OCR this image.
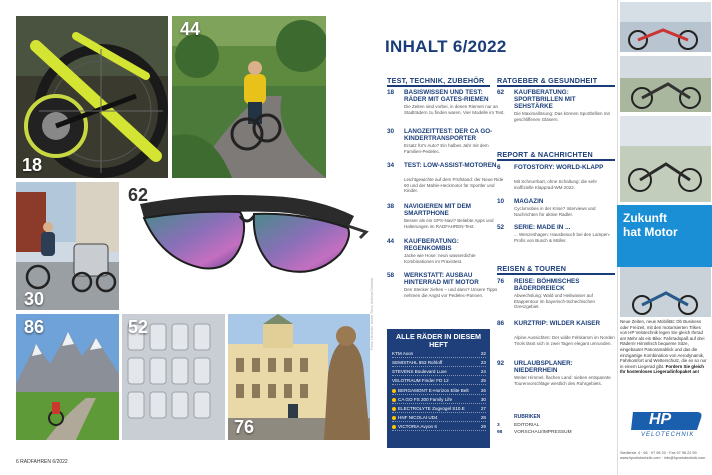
18
44
30
62
86	52
76
Fotos: Hersteller, Adobe Stock, Andreas Dobslaw
INHALT 6/2022
TEST, TECHNIK, ZUBEHÖR
18 BASISWISSEN UND TEST: RÄDER MIT GATES-RIEMEN
Die Zeiten sind vorbei, in denen Riemen nur an Stadträdern zu finden waren. Vier Modelle im Test.
30 LANGZEITTEST: DER CA GO-KINDERTRANSPORTER
Ersatz für's Auto? Ein halbes Jahr mit dem Familien-Pedelec.
34 TEST: LOW-ASSIST-MOTOREN
Leichtgewichte auf dem Prüfstand: der Neue Ride 60 und der Mahle-Heckmotor für Sportler und Kinder.
38 NAVIGIEREN MIT DEM SMARTPHONE
Besser als ein GPS-Navi? Beliebte Apps und Halterungen im RADFAHREN-Test.
44 KAUFBERATUNG: REGENKOMBIS
Jacke wie Hose: neun wasserdichte Kombinationen im Praxistest.
58 WERKSTATT: AUSBAU HINTERRAD MIT MOTOR
Den Stecker ziehen – und dann? Unsere Tipps nehmen die Angst vor Pedelec-Pannen.
ALLE RÄDER IN DIESEM HEFT
KTM Axon	22
SEMISTAHL 853 Rohloff	23
STEVENS Boulevard Luxe	24
VELOTRAUM Finder FD 12	25
BERGAMONT E-Horizon Elite Belt	26
CA GO FS 200 Family Life	30
ELECTROLYTE Zugvogel S10.E	27
HNF NICOLAI UD4	28
VICTORIA Avyon 6	29
RATGEBER & GESUNDHEIT
62 KAUFBERATUNG: SPORTBRILLEN MIT SEHSTÄRKE
Die Maximallösung: Das können Sportbrillen mit geschliffenen Gläsern.
REPORT & NACHRICHTEN
6 FOTOSTORY: WORLD-KLAPP
Mit Schnurrbart, ohne Schaltung: die sehr inoffizielle Klapprad-WM 2022.
10 MAGAZIN
Cyclomobes in der Krise? Interviews und Nachrichten für aktive Radler.
52 SERIE: MADE IN ...
... Wenzeshagen: Hausbesuch bei den Lampen-Profis von Busch & Müller.
REISEN & TOUREN
76 REISE: BÖHMISCHES BÄDERDREIECK
Abwechslung: Wald und Heilwasser auf Etappentour im bayerisch-tschechischen Grenzgebiet.
86 KURZTRIP: WILDER KAISER
Alpine Aussichten: Der wilde Felskamm im Norden Tirols lässt sich in zwei Tagen elegant umrunden.
92 URLAUBSPLANER: NIEDERRHEIN
Weiter Himmel, flaches Land: sieben entspannte Tourenvorschläge westlich des Ruhrgebiets.
RUBRIKEN
3	EDITORIAL
98 VORSCHAU/IMPRESSUM
6 RADFAHREN 6/2022
Zukunft
hat Motor
Neue Zeiten, neue Mobilität: Ob Business oder Freizeit, mit den motorisierten Trikes von HP Velotechnik legen Sie gleich Ihrrad an! Mehr als ein Bike: Fahrradspaß auf drei Rädern! Himmlisch bequeme Sitze, eingebauter Panoramablick und das die einzigartige Kombination von Aerodynamik, Fahrkomfort und Wetterschutz, die es so nur in einem Liegerad gibt. Fordern Sie gleich Ihr kostenloses Liegeradinfopaket an!
HP
VELOTECHNIK
Siedlerstr. 4 · 65 · 97 98 20 · Fax 97 98 22 99
www.hpvelotechnik.com · info@hpvelotechnik.com
